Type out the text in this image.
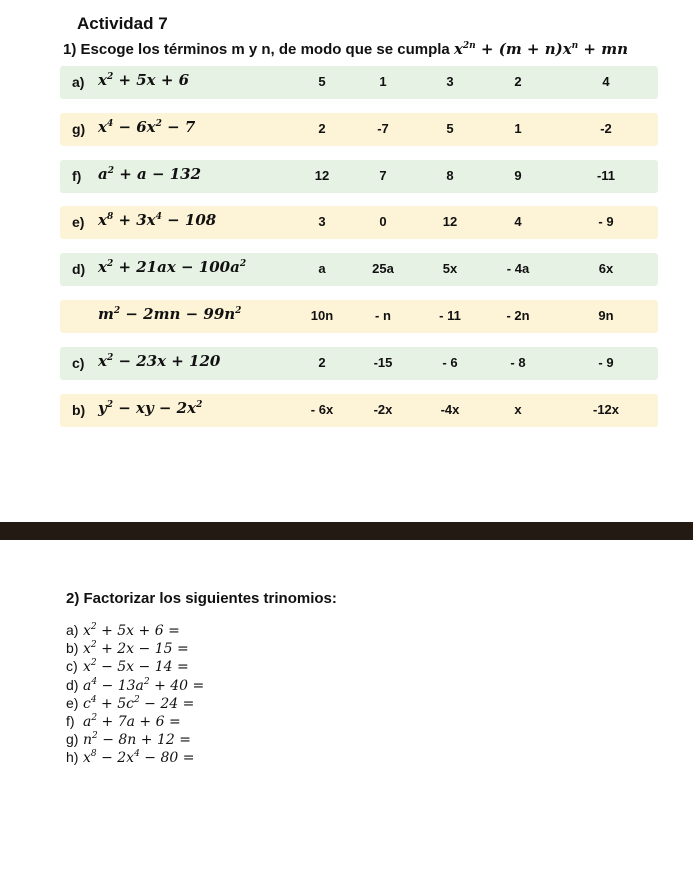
Actividad 7
1) Escoge los términos m y n, de modo que se cumpla $x^{2n} + (m + n)x^n$ + mn
a) $x^2 + 5x + 6$	5	1	3	2	4
g) $x^4 - 6x^2 - 7$	2	-7	5	1	-2
f) $a^2 + a - 132$	12	7	8	9	-11
e) $x^8 + 3x^4 - 108$	3	0	12	4	- 9
d) $x^2 + 21ax - 100a^2$	a	25a	5x	- 4a	6x
$m^2 - 2mn - 99n^2$	10n	- n	- 11	- 2n	9n
c) $x^2 - 23x + 120$	2	-15	- 6	- 8	- 9
b) $y^2$ − xy − $2x^2$	- 6x	-2x	-4x	x	-12x
2) Factorizar los siguientes trinomios:
a) $x^2 + 5x + 6$ =
b) $x^2 + 2x - 15$ =
c) $x^2 - 5x - 14$ =
d) $a^4 - 13a^2 + 40$ =
e) $c^4 + 5c^2 - 24$ =
f) $a^2 + 7a + 6$ =
g) $n^2 - 8n + 12$ =
h) $x^8 - 2x^4 - 80$ =
